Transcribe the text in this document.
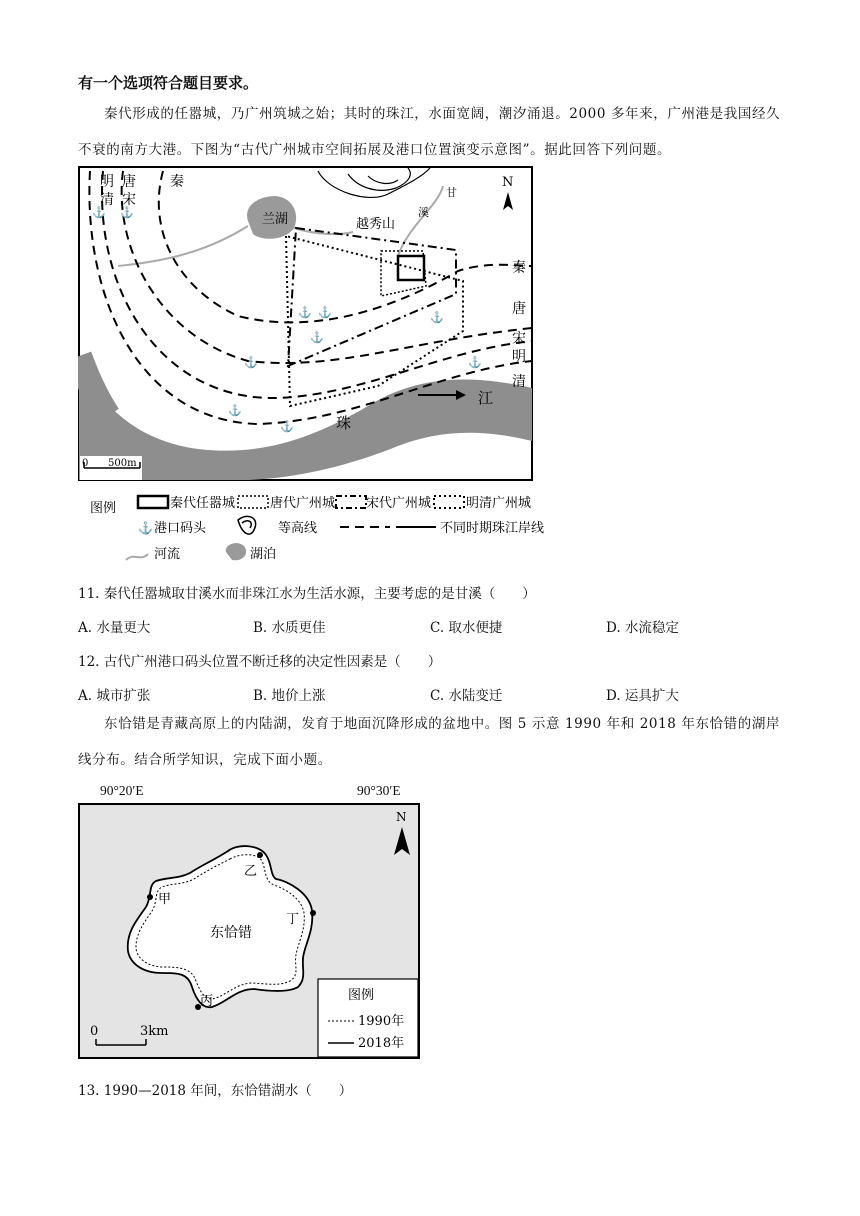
有一个选项符合题目要求。
秦代形成的任嚣城，乃广州筑城之始；其时的珠江，水面宽阔，潮汐涌退。2000 多年来，广州港是我国经久不衰的南方大港。下图为“古代广州城市空间拓展及港口位置演变示意图”。据此回答下列问题。
⚓ ⚓
⚓ ⚓
⚓
⚓
⚓
⚓
⚓
⚓
N
明
清
唐
宋
秦
秦
唐
宋
明
清
兰湖	越秀山
甘
溪
珠
江
0 500m
图例	秦代任嚣城	唐代广州城 宋代广州城	明清广州城
⚓ 港口码头	等高线	不同时期珠江岸线
河流	湖泊
11. 秦代任嚣城取甘溪水而非珠江水为生活水源，主要考虑的是甘溪（　　）
A. 水量更大	B. 水质更佳	C. 取水便捷	D. 水流稳定
12. 古代广州港口码头位置不断迁移的决定性因素是（　　）
A. 城市扩张	B. 地价上涨	C. 水陆变迁	D. 运具扩大
东恰错是青藏高原上的内陆湖，发育于地面沉降形成的盆地中。图 5 示意 1990 年和 2018 年东恰错的湖岸线分布。结合所学知识，完成下面小题。
90°20′E	90°30′E
甲
乙
丙
丁
东恰错
N
0	3km
图例
1990年
2018年
13. 1990—2018 年间，东恰错湖水（　　）
